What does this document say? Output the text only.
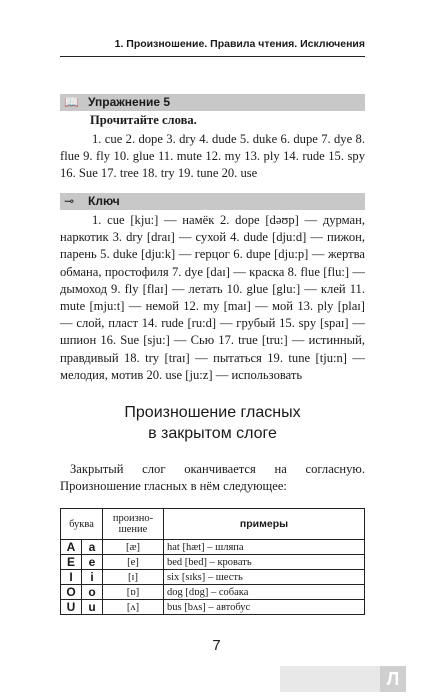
1. Произношение. Правила чтения. Исключения
📖 Упражнение 5
Прочитайте слова.
1. cue 2. dope 3. dry 4. dude 5. duke 6. dupe 7. dye 8. flue 9. fly 10. glue 11. mute 12. my 13. ply 14. rude 15. spy 16. Sue 17. tree 18. try 19. tune 20. use
⊸ Ключ
1. cue [kju:] — намёк 2. dope [dəʊp] — дурман, наркотик 3. dry [draɪ] — сухой 4. dude [dju:d] — пижон, парень 5. duke [dju:k] — герцог 6. dupe [dju:p] — жертва обмана, простофиля 7. dye [daɪ] — краска 8. flue [flu:] — дымоход 9. fly [flaɪ] — летать 10. glue [glu:] — клей 11. mute [mju:t] — немой 12. my [maɪ] — мой 13. ply [plaɪ] — слой, пласт 14. rude [ru:d] — грубый 15. spy [spaɪ] — шпион 16. Sue [sju:] — Сью 17. true [tru:] — истинный, правдивый 18. try [traɪ] — пытаться 19. tune [tju:n] — мелодия, мотив 20. use [ju:z] — использовать
Произношение гласных
в закрытом слоге
Закрытый слог оканчивается на согласную. Произношение гласных в нём следующее:
буква		произно-шение	примеры
A	a	[æ]	hat [hæt] – шляпа
E	e	[e]	bed [bed] – кровать
I	i	[ɪ]	six [sɪks] – шесть
O	o	[ɒ]	dog [dɒg] – собака
U	u	[ʌ]	bus [bʌs] – автобус
7
Л
